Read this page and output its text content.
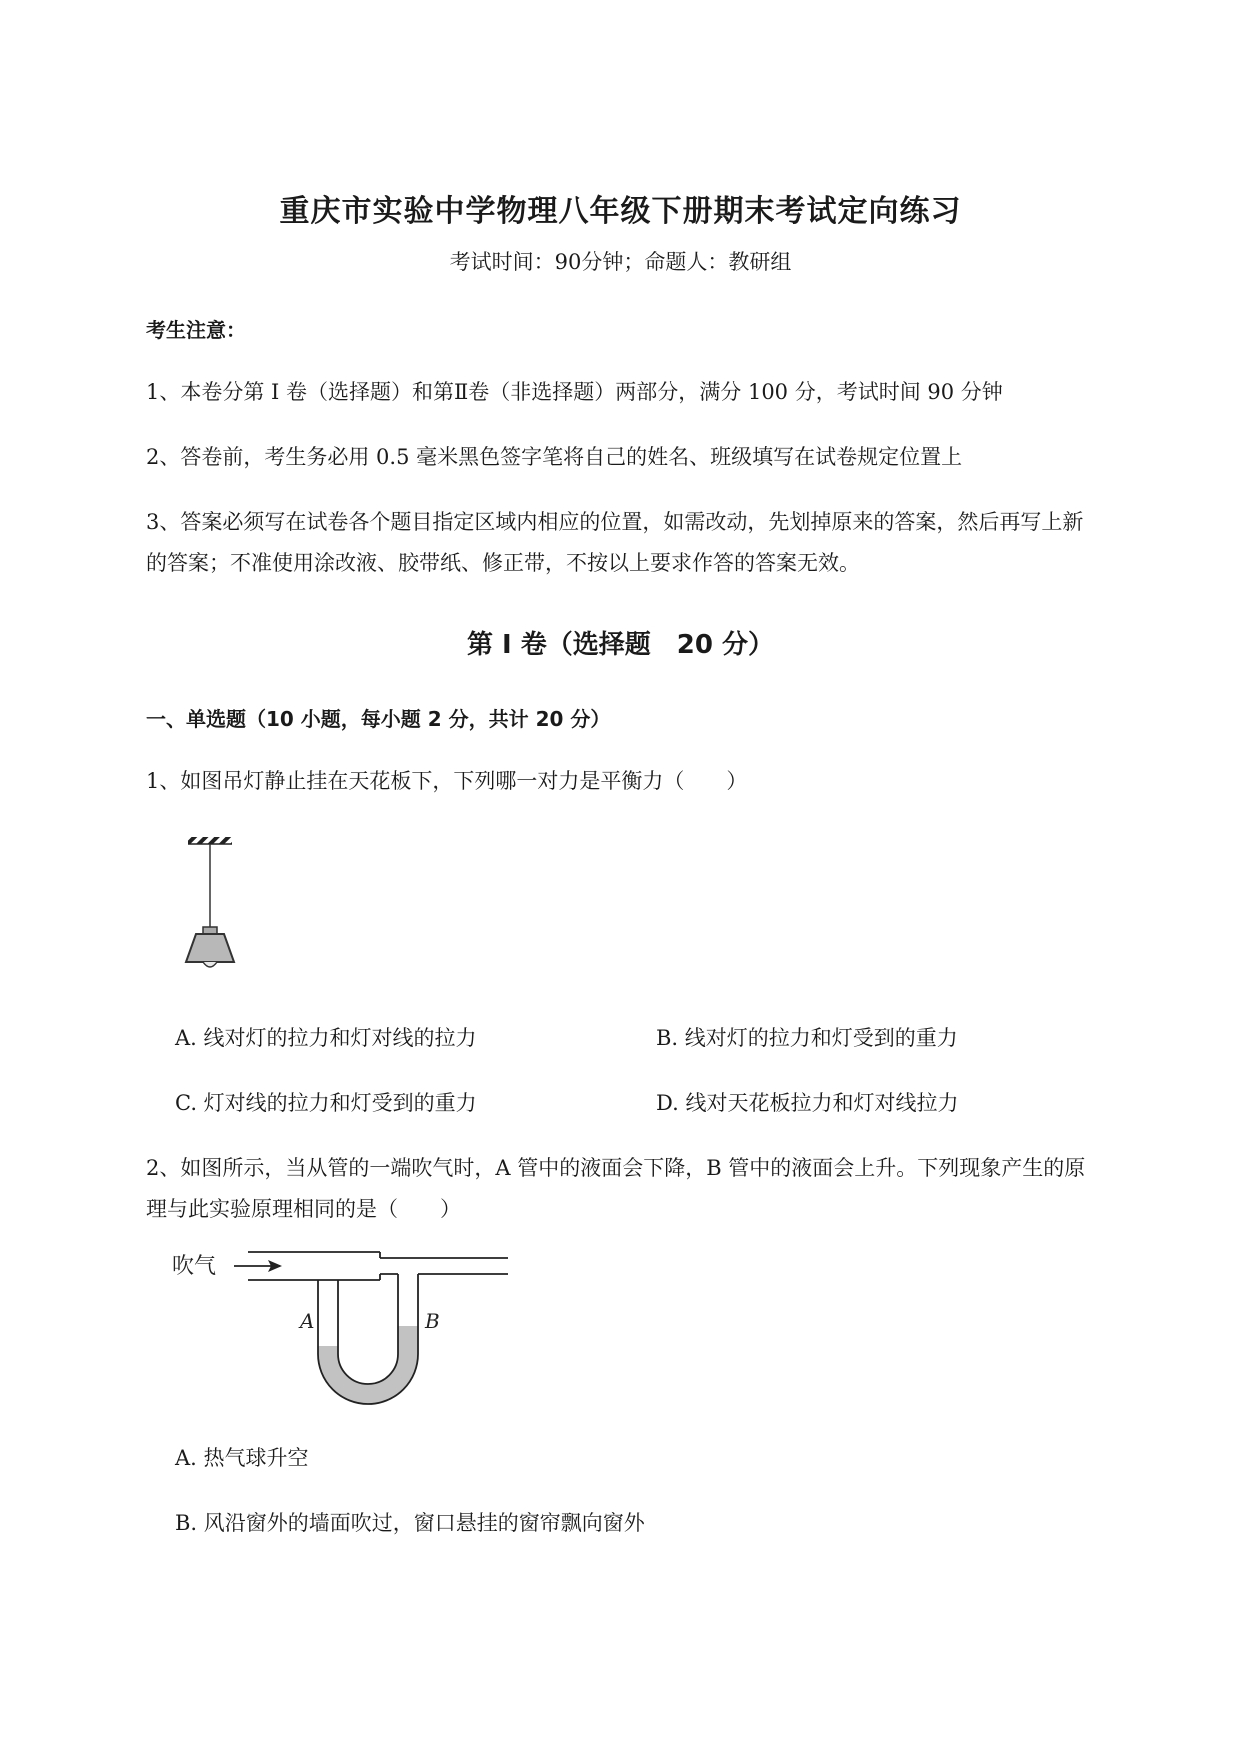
重庆市实验中学物理八年级下册期末考试定向练习
考试时间：90分钟；命题人：教研组
考生注意：
1、本卷分第 I 卷（选择题）和第Ⅱ卷（非选择题）两部分，满分 100 分，考试时间 90 分钟
2、答卷前，考生务必用 0.5 毫米黑色签字笔将自己的姓名、班级填写在试卷规定位置上
3、答案必须写在试卷各个题目指定区域内相应的位置，如需改动，先划掉原来的答案，然后再写上新
的答案；不准使用涂改液、胶带纸、修正带，不按以上要求作答的答案无效。
第 I 卷（选择题　20 分）
一、单选题（10 小题，每小题 2 分，共计 20 分）
1、如图吊灯静止挂在天花板下，下列哪一对力是平衡力（　　）
A. 线对灯的拉力和灯对线的拉力	B. 线对灯的拉力和灯受到的重力
C. 灯对线的拉力和灯受到的重力	D. 线对天花板拉力和灯对线拉力
2、如图所示，当从管的一端吹气时，A 管中的液面会下降，B 管中的液面会上升。下列现象产生的原
理与此实验原理相同的是（　　）
吹气
A	B
A. 热气球升空
B. 风沿窗外的墙面吹过，窗口悬挂的窗帘飘向窗外
